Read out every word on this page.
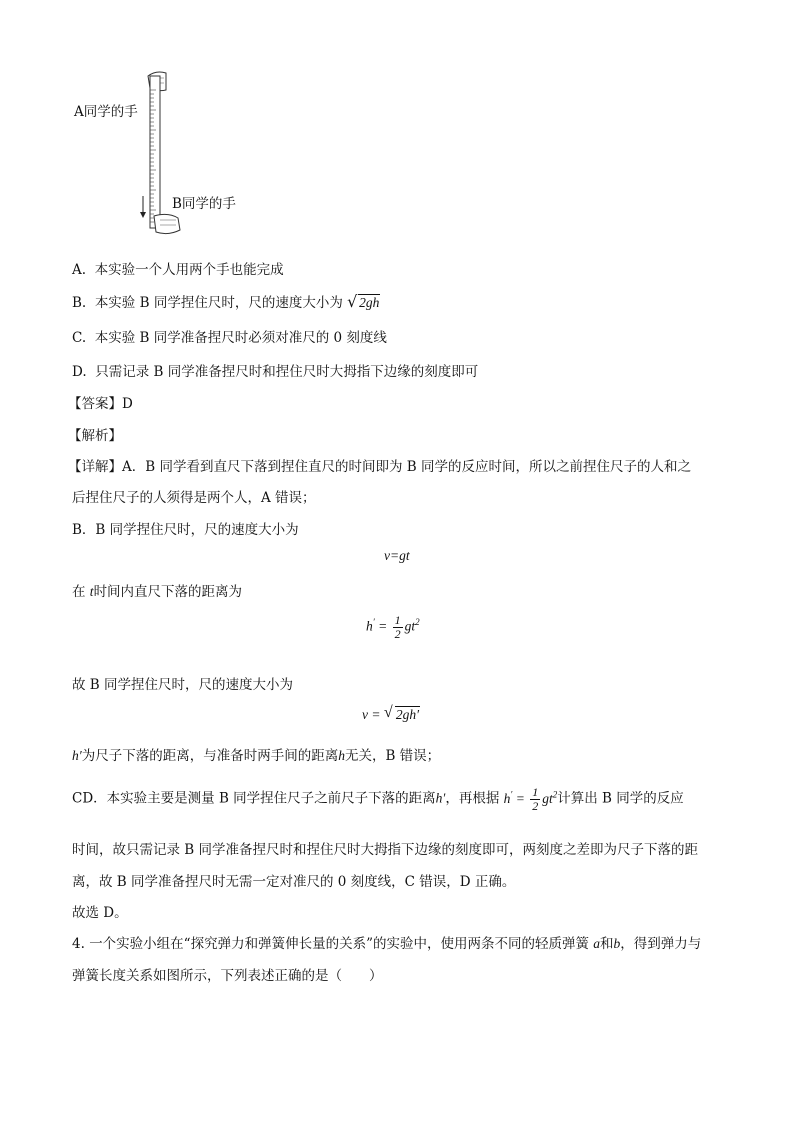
A同学的手
B同学的手
A. 本实验一个人用两个手也能完成
B. 本实验 B 同学捏住尺时，尺的速度大小为 √ 2gh
C. 本实验 B 同学准备捏尺时必须对准尺的 0 刻度线
D. 只需记录 B 同学准备捏尺时和捏住尺时大拇指下边缘的刻度即可
【答案】D
【解析】
【详解】A．B 同学看到直尺下落到捏住直尺的时间即为 B 同学的反应时间，所以之前捏住尺子的人和之
后捏住尺子的人须得是两个人，A 错误；
B．B 同学捏住尺时，尺的速度大小为
v=gt
在 t时间内直尺下落的距离为
$h' = \frac{1}{2} gt^2$
故 B 同学捏住尺时，尺的速度大小为
v = √ 2gh′
h′为尺子下落的距离，与准备时两手间的距离h无关，B 错误；
CD．本实验主要是测量 B 同学捏住尺子之前尺子下落的距离h′，再根据 $h' = \frac{1}{2} gt^2$计算出 B 同学的反应
时间，故只需记录 B 同学准备捏尺时和捏住尺时大拇指下边缘的刻度即可，两刻度之差即为尺子下落的距
离，故 B 同学准备捏尺时无需一定对准尺的 0 刻度线，C 错误，D 正确。
故选 D。
4. 一个实验小组在“探究弹力和弹簧伸长量的关系”的实验中，使用两条不同的轻质弹簧 a和b，得到弹力与
弹簧长度关系如图所示，下列表述正确的是（　　）
